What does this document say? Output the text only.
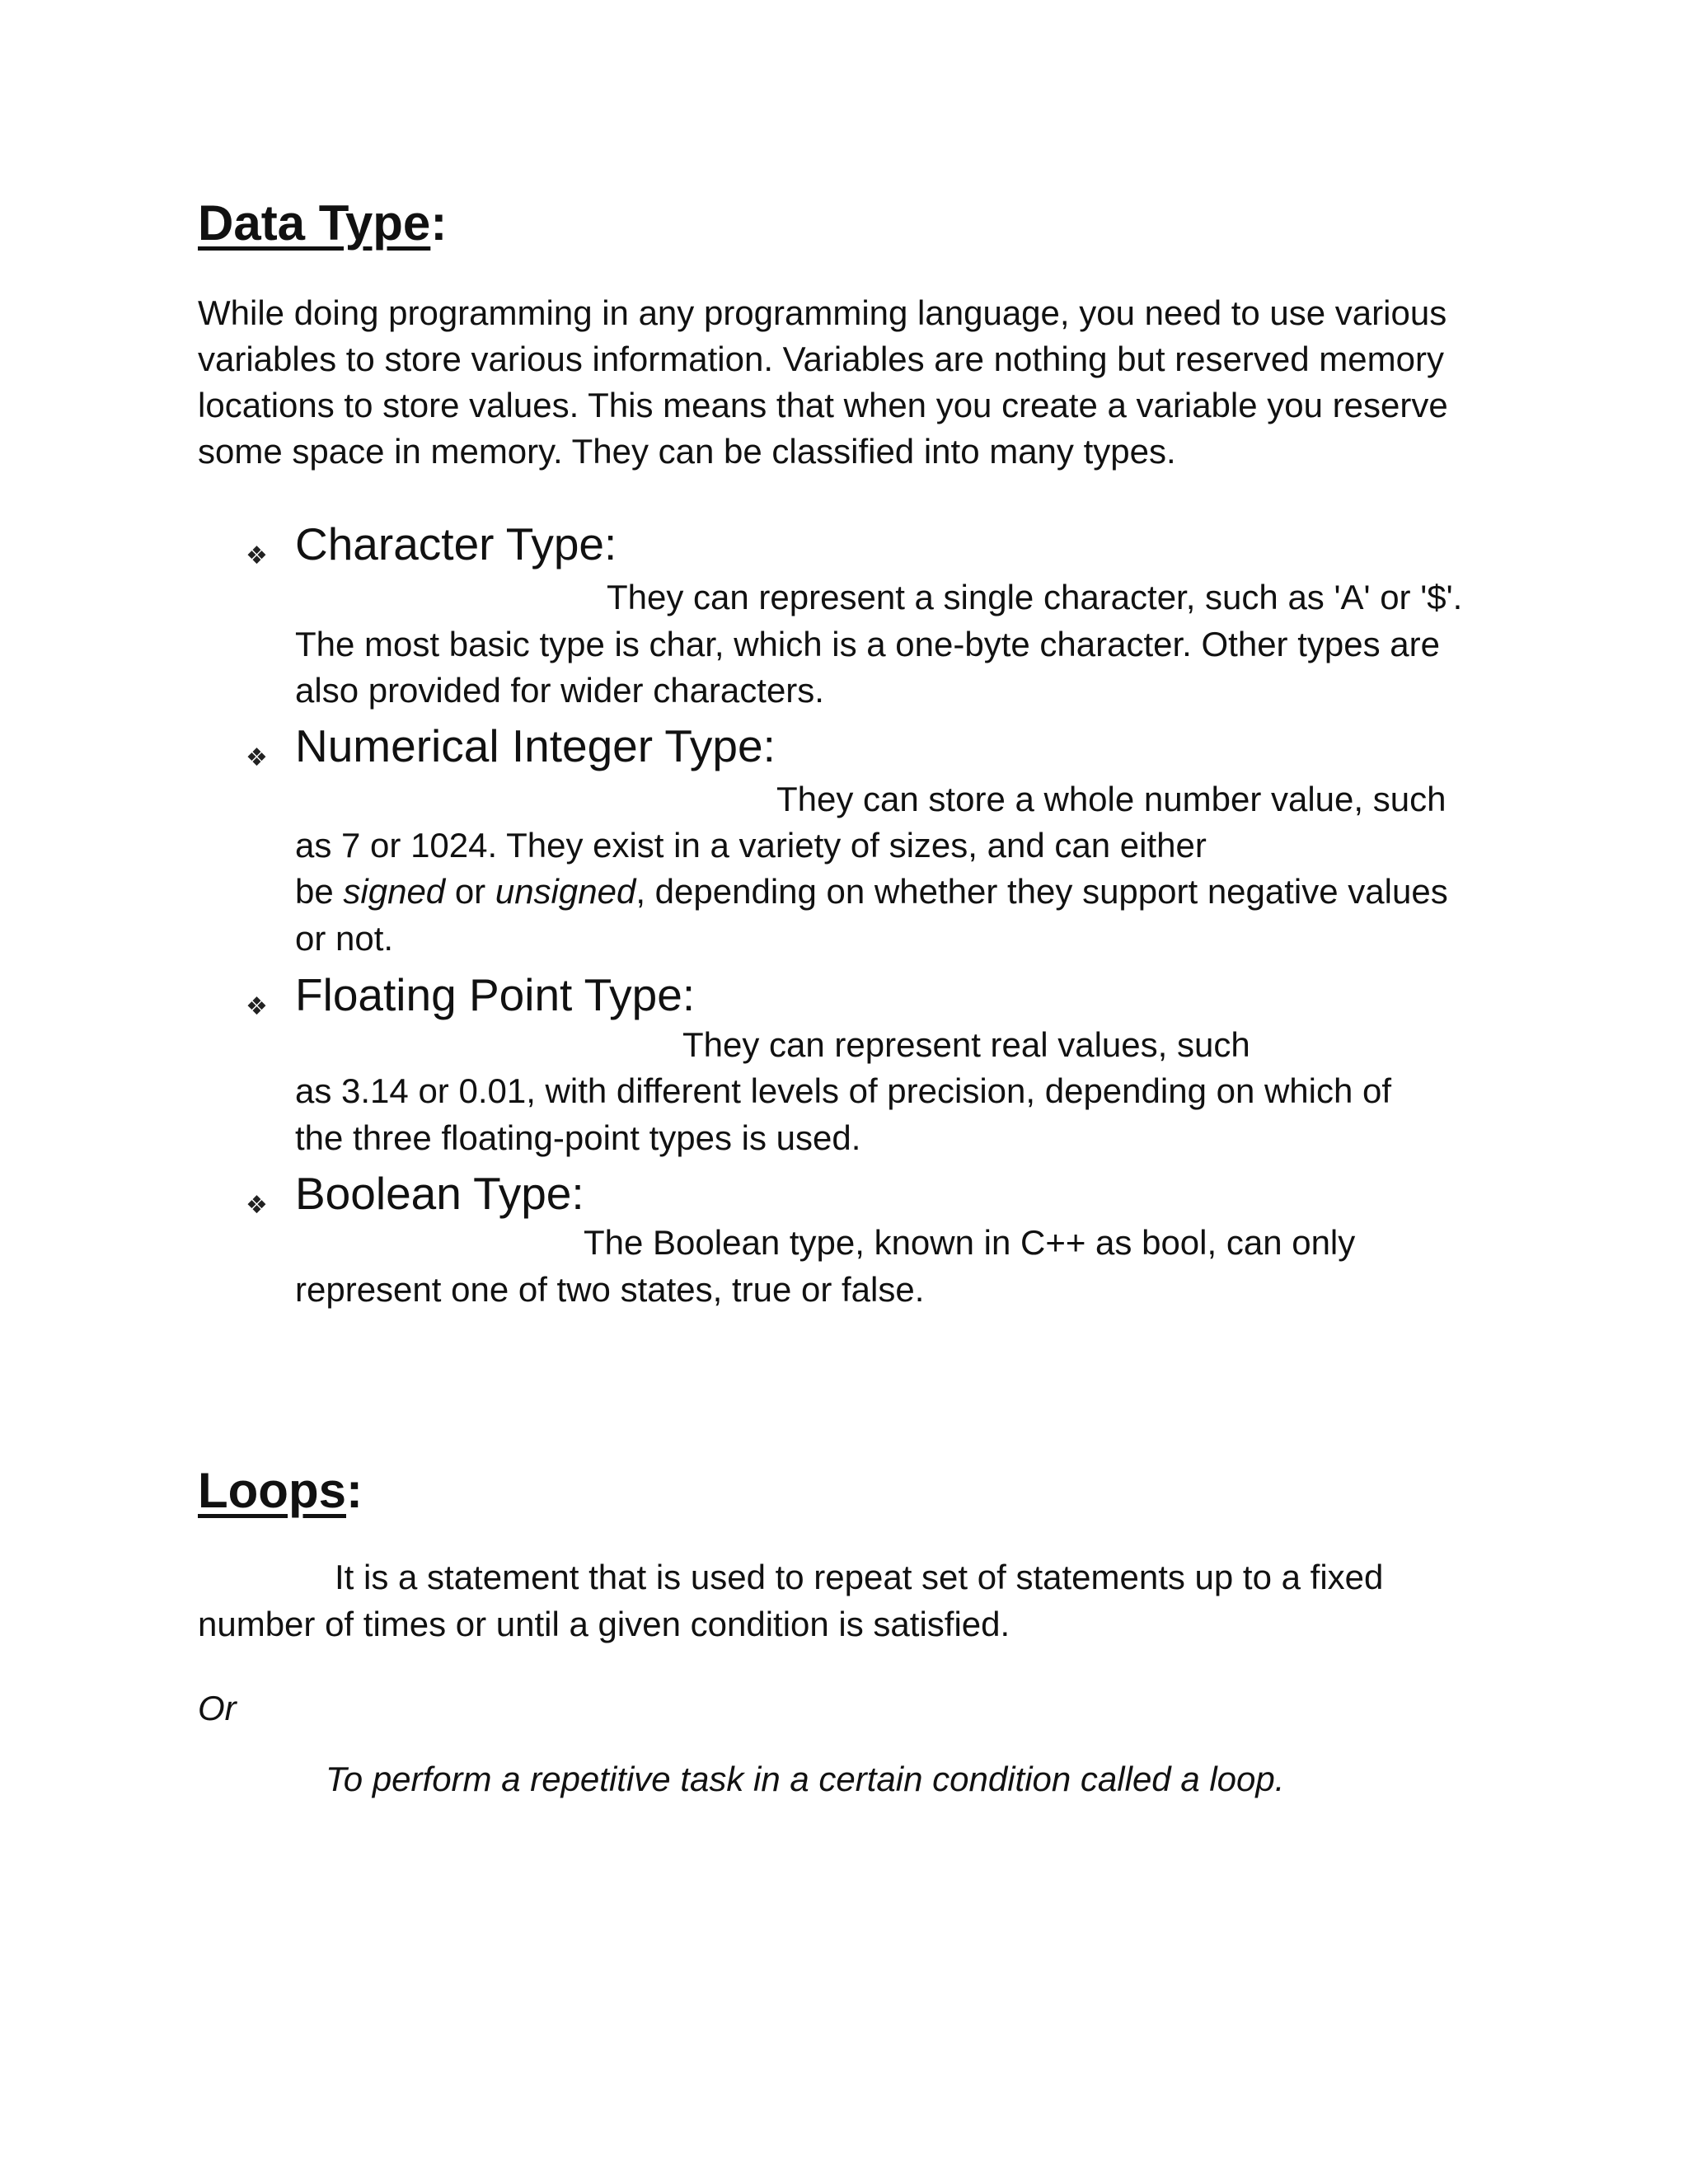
Data Type:

While doing programming in any programming language, you need to use various variables to store various information. Variables are nothing but reserved memory locations to store values. This means that when you create a variable you reserve some space in memory. They can be classified into many types.

❖ Character Type:

They can represent a single character, such as 'A' or '$'.

The most basic type is char, which is a one-byte character. Other types are

also provided for wider characters.

❖ Numerical Integer Type:

They can store a whole number value, such

as 7 or 1024. They exist in a variety of sizes, and can either

be signed or unsigned, depending on whether they support negative values

or not.

❖ Floating Point Type:

They can represent real values, such

as 3.14 or 0.01, with different levels of precision, depending on which of

the three floating-point types is used.

❖ Boolean Type:

The Boolean type, known in C++ as bool, can only

represent one of two states, true or false.

Loops:

It is a statement that is used to repeat set of statements up to a fixed

number of times or until a given condition is satisfied.

Or

To perform a repetitive task in a certain condition called a loop.
